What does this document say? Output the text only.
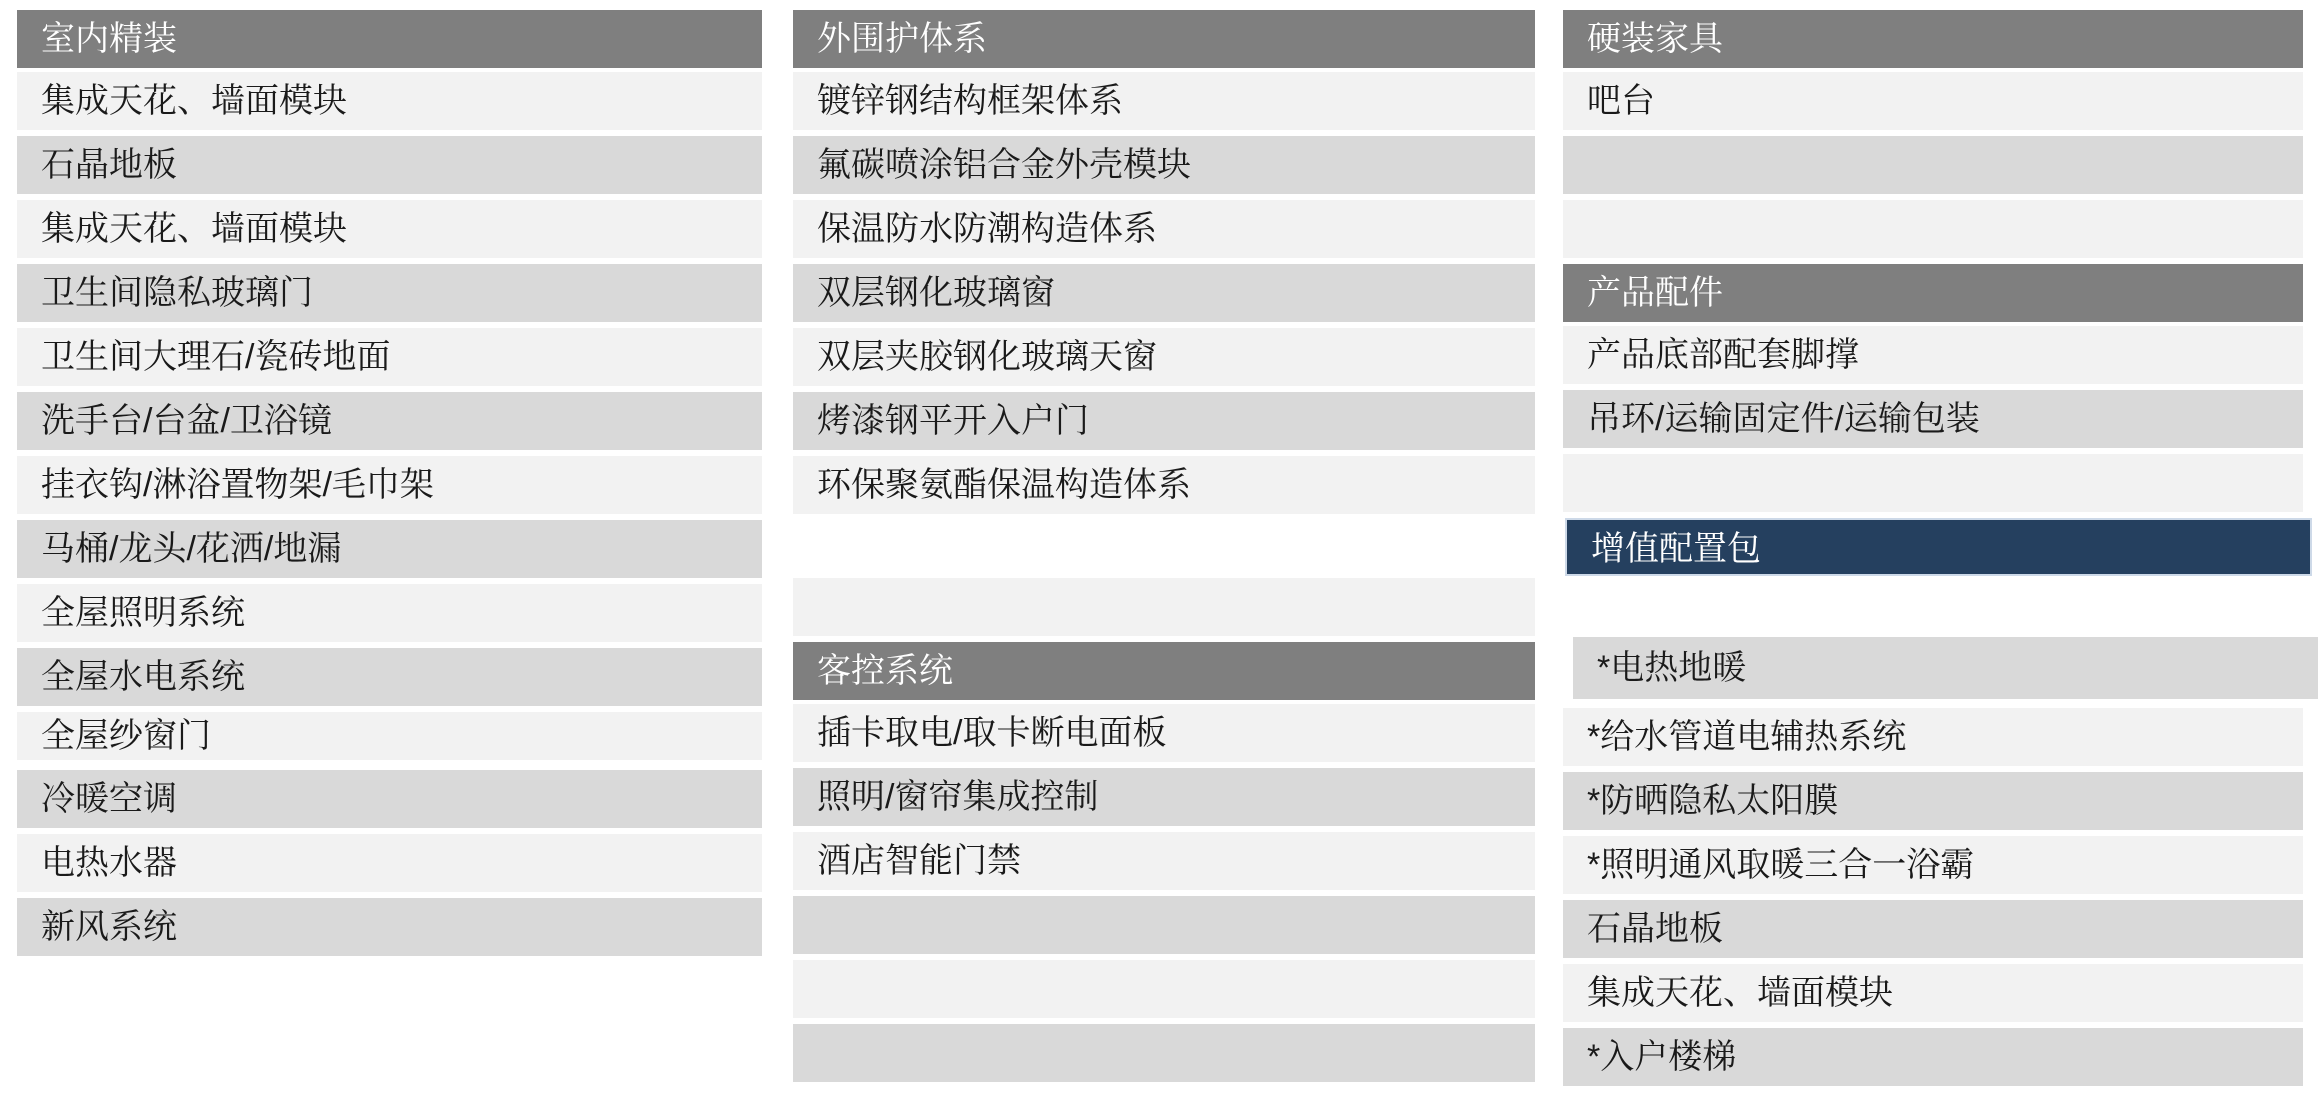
室内精装
集成天花、墙面模块
石晶地板
集成天花、墙面模块
卫生间隐私玻璃门
卫生间大理石/瓷砖地面
洗手台/台盆/卫浴镜
挂衣钩/淋浴置物架/毛巾架
马桶/龙头/花洒/地漏
全屋照明系统
全屋水电系统
全屋纱窗门
冷暖空调
电热水器
新风系统
外围护体系
镀锌钢结构框架体系
氟碳喷涂铝合金外壳模块
保温防水防潮构造体系
双层钢化玻璃窗
双层夹胶钢化玻璃天窗
烤漆钢平开入户门
环保聚氨酯保温构造体系
客控系统
插卡取电/取卡断电面板
照明/窗帘集成控制
酒店智能门禁
硬装家具
吧台
产品配件
产品底部配套脚撑
吊环/运输固定件/运输包装
增值配置包
*电热地暖
*给水管道电辅热系统
*防晒隐私太阳膜
*照明通风取暖三合一浴霸
石晶地板
集成天花、墙面模块
*入户楼梯
